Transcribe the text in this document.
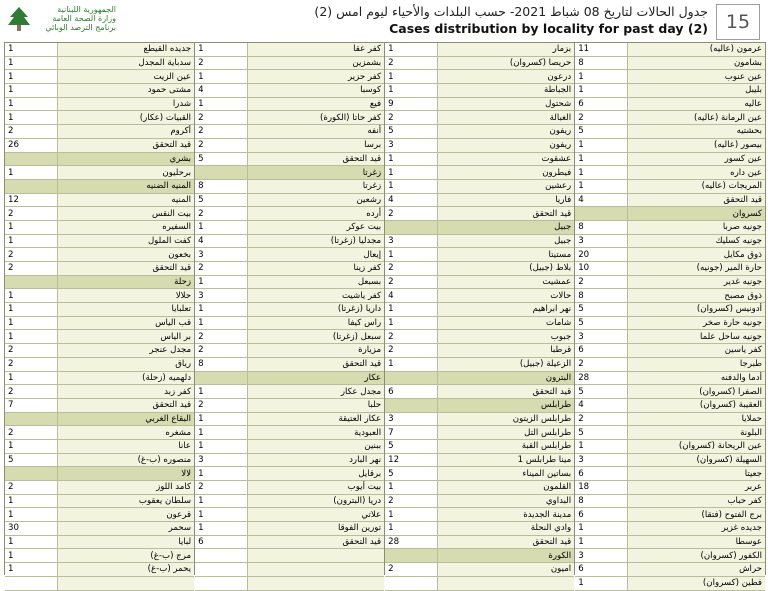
الجمهورية اللبنانية
وزارة الصحة العامة
برنامج الترصد الوبائي
جدول الحالات لتاريخ 08 شباط 2021- حسب البلدات والأحياء ليوم امس (2)
Cases distribution by locality for past day (2) 15
1	جديده القيطع
1	سدباية المجدل
1	عين الزيت
1	مشتى حمود
1	شدرا
1	القبيات (عكار)
2	أكروم
26	قيد التحقق
	بشري
1	برحليون
	المنيه الضنيه
12	المنيه
2	بيت النقس
1	السفيره
1	كفت الملول
2	بخعون
2	قيد التحقق
	زحلة
1	حلالا
1	تعلبايا
1	قب الياس
1	بر الياس
2	مجدل عنجر
2	رياق
1	دلهميه (زحلة)
2	كفر زبد
7	قيد التحقق
	البقاع الغربي
2	مشغره
1	عانا
5	منصوره (ب-غ)
	لالا
2	كامد اللوز
1	سلطان يعقوب
1	قرعون
30	سحمر
1	لبايا
1	مرج (ب-غ)
1	يحمر (ب-غ)

1	كفر عقا
2	بشمزين
1	كفر حزير
4	كوسبا
1	فيع
2	كفر حاتا (الكورة)
2	أنفه
2	برسا
5	قيد التحقق
	زغرتا
8	زغرتا
5	رشعين
2	أرده
1	بيت عوكر
4	مجدليا (زغرتا)
3	إيعال
2	كفر زينا
1	بسبعل
3	كفر ياشيت
1	داريا (زغرتا)
1	راس كيفا
2	سبعل (زغرتا)
2	مزيارة
8	قيد التحقق
	عكار
1	مجدل عكار
2	حلبا
1	عكار العتيقة
1	العبودية
1	ببنين
3	نهر البارد
1	برقايل
2	بيت أيوب
1	دريا (البترون)
1	علاتي
1	تورين الفوقا
6	قيد التحقق

1	بزمار
2	حريصا (كسروان)
1	درعون
1	الجباطة
9	شحتول
2	الغبالة
5	ريفون
3	ريفون
1	عشقوت
1	فيطرون
1	رعشين
4	فاريا
2	قيد التحقق
	جبيل
3	جبيل
1	مستيتا
2	بلاط (جبيل)
2	عمشيت
4	حالات
1	نهر ابراهيم
1	شامات
2	جبوب
2	قرطبا
1	الزعيلة (جبيل)
	البترون
6	قيد التحقق
	طرابلس
3	طرابلس الزيتون
7	طرابلس التل
5	طرابلس القبة
12	مينا طرابلس 1
5	بساتين الميناء
1	القلمون
2	البداوي
1	مدينة الجديدة
1	وادي النحلة
28	قيد التحقق
	الكورة
2	اميون

11	عرمون (عاليه)
8	بشامون
1	عين عنوب
1	بليبل
6	عاليه
2	عين الرمانة (عاليه)
5	بحشتيه
1	بيصور (عاليه)
1	عين كسور
1	عين داره
1	المريجات (عاليه)
4	قيد التحقق
	كسروان
8	جونيه صربا
3	جونيه كسليك
20	ذوق مكايل
10	حارة المير (جونيه)
2	جونيه غدير
8	ذوق مصبح
5	أدونيس (كسروان)
5	جونيه حارة صخر
3	جونيه ساحل علما
6	كفر ياسين
2	طبرجا
28	أدما والدفنه
5	الصفرا (كسروان)
4	العقيبة (كسروان)
2	حملايا
5	البلونة
1	عين الريحانة (كسروان)
3	السهيلة (كسروان)
6	جعيتا
18	عربر
8	كفر حباب
6	برج الفتوح (فتقا)
1	جديده غزير
1	عوسطا
3	الكفور (كسروان)
6	حراش
1	فطين (كسروان)
